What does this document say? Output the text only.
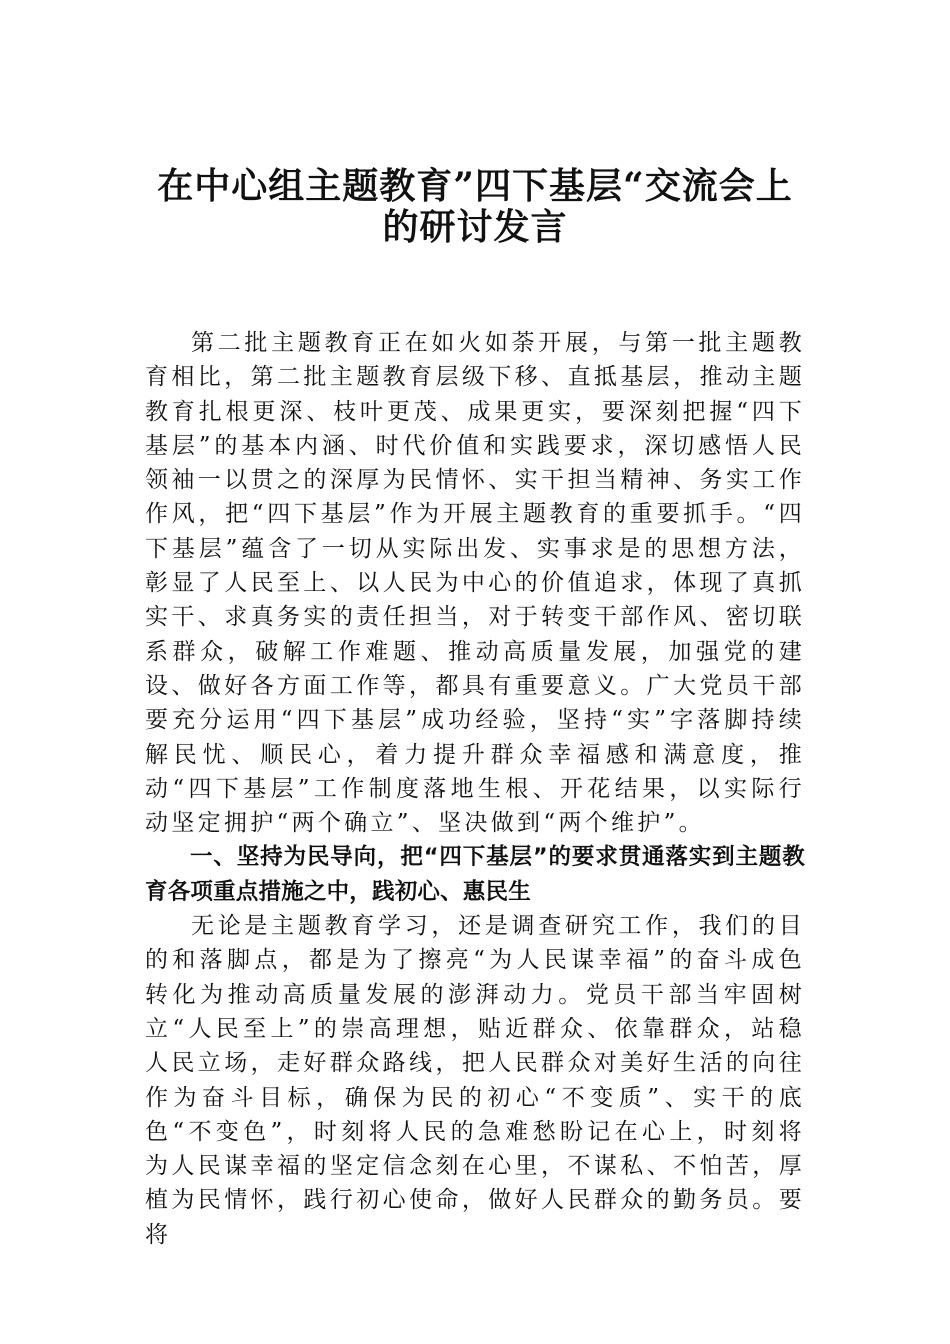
在中心组主题教育”四下基层“交流会上
的研讨发言

第二批主题教育正在如火如荼开展，与第一批主题教育相比，第二批主题教育层级下移、直抵基层，推动主题教育扎根更深、枝叶更茂、成果更实，要深刻把握“四下基层”的基本内涵、时代价值和实践要求，深切感悟人民领袖一以贯之的深厚为民情怀、实干担当精神、务实工作作风，把“四下基层”作为开展主题教育的重要抓手。“四下基层”蕴含了一切从实际出发、实事求是的思想方法，彰显了人民至上、以人民为中心的价值追求，体现了真抓实干、求真务实的责任担当，对于转变干部作风、密切联系群众，破解工作难题、推动高质量发展，加强党的建设、做好各方面工作等，都具有重要意义。广大党员干部要充分运用“四下基层”成功经验，坚持“实”字落脚持续解民忧、顺民心，着力提升群众幸福感和满意度，推动“四下基层”工作制度落地生根、开花结果，以实际行动坚定拥护“两个确立”、坚决做到“两个维护”。

一、坚持为民导向，把“四下基层”的要求贯通落实到主题教育各项重点措施之中，践初心、惠民生

无论是主题教育学习，还是调查研究工作，我们的目的和落脚点，都是为了擦亮“为人民谋幸福”的奋斗成色转化为推动高质量发展的澎湃动力。党员干部当牢固树立“人民至上”的崇高理想，贴近群众、依靠群众，站稳人民立场，走好群众路线，把人民群众对美好生活的向往作为奋斗目标，确保为民的初心“不变质”、实干的底色“不变色”，时刻将人民的急难愁盼记在心上，时刻将为人民谋幸福的坚定信念刻在心里，不谋私、不怕苦，厚植为民情怀，践行初心使命，做好人民群众的勤务员。要将
